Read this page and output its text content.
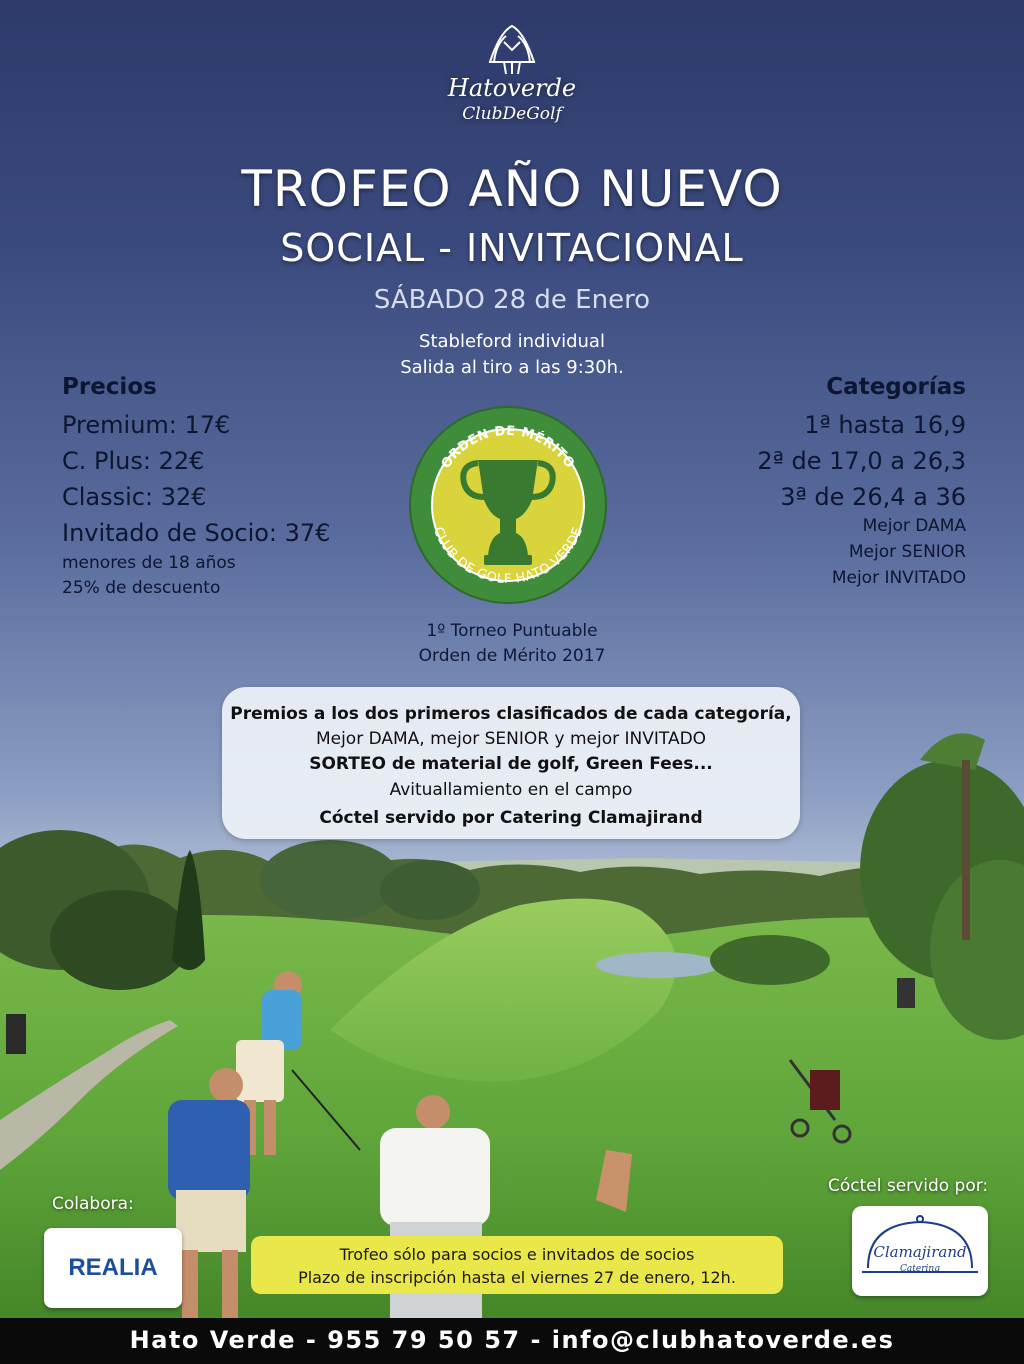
Hatoverde
ClubDeGolf
TROFEO AÑO NUEVO
SOCIAL - INVITACIONAL
SÁBADO 28 de Enero
Stableford individual
Salida al tiro a las 9:30h.
Precios
Premium: 17€
C. Plus: 22€
Classic: 32€
Invitado de Socio: 37€
menores de 18 años
25% de descuento
Categorías
1ª hasta 16,9
2ª de 17,0 a 26,3
3ª de 26,4 a 36
Mejor DAMA
Mejor SENIOR
Mejor INVITADO
ORDEN DE MÉRITO
CLUB DE GOLF HATO VERDE
1º Torneo Puntuable
Orden de Mérito 2017
Premios a los dos primeros clasificados de cada categoría,
Mejor DAMA, mejor SENIOR y mejor INVITADO
SORTEO de material de golf, Green Fees...
Avituallamiento en el campo
Cóctel servido por Catering Clamajirand
Colabora:
REALIA	Trofeo sólo para socios e invitados de socios
Plazo de inscripción hasta el viernes 27 de enero, 12h.
Cóctel servido por:
Clamajirand
Catering
Hato Verde - 955 79 50 57 - info@clubhatoverde.es
